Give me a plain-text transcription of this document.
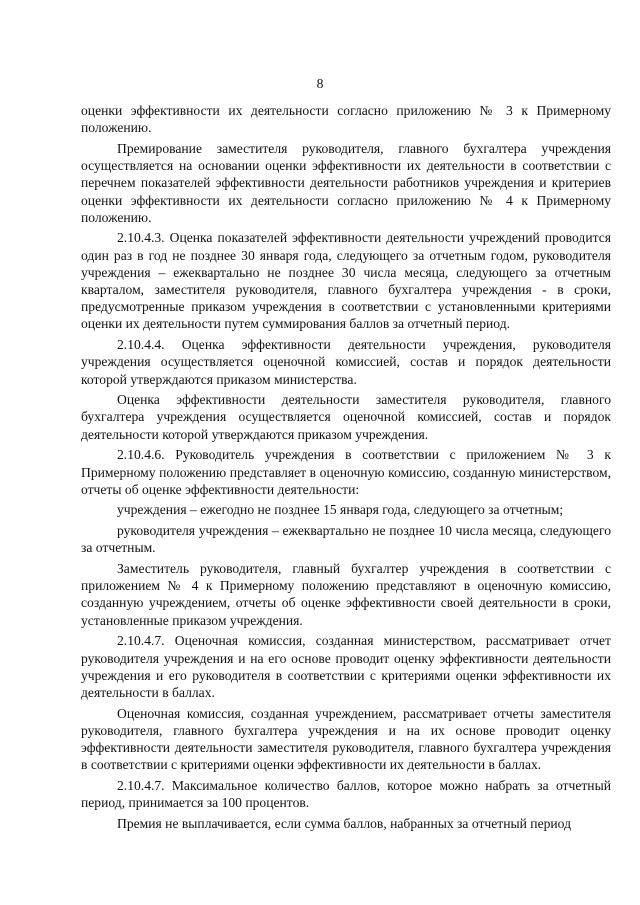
8

оценки эффективности их деятельности согласно приложению № 3 к Примерному положению.

Премирование заместителя руководителя, главного бухгалтера учреждения осуществляется на основании оценки эффективности их деятельности в соответствии с перечнем показателей эффективности деятельности работников учреждения и критериев оценки эффективности их деятельности согласно приложению № 4 к Примерному положению.

2.10.4.3. Оценка показателей эффективности деятельности учреждений проводится один раз в год не позднее 30 января года, следующего за отчетным годом, руководителя учреждения – ежеквартально не позднее 30 числа месяца, следующего за отчетным кварталом, заместителя руководителя, главного бухгалтера учреждения - в сроки, предусмотренные приказом учреждения в соответствии с установленными критериями оценки их деятельности путем суммирования баллов за отчетный период.

2.10.4.4. Оценка эффективности деятельности учреждения, руководителя учреждения осуществляется оценочной комиссией, состав и порядок деятельности которой утверждаются приказом министерства.

Оценка эффективности деятельности заместителя руководителя, главного бухгалтера учреждения осуществляется оценочной комиссией, состав и порядок деятельности которой утверждаются приказом учреждения.

2.10.4.6. Руководитель учреждения в соответствии с приложением № 3 к Примерному положению представляет в оценочную комиссию, созданную министерством, отчеты об оценке эффективности деятельности:

учреждения – ежегодно не позднее 15 января года, следующего за отчетным;

руководителя учреждения – ежеквартально не позднее 10 числа месяца, следующего за отчетным.

Заместитель руководителя, главный бухгалтер учреждения в соответствии с приложением № 4 к Примерному положению представляют в оценочную комиссию, созданную учреждением, отчеты об оценке эффективности своей деятельности в сроки, установленные приказом учреждения.

2.10.4.7. Оценочная комиссия, созданная министерством, рассматривает отчет руководителя учреждения и на его основе проводит оценку эффективности деятельности учреждения и его руководителя в соответствии с критериями оценки эффективности их деятельности в баллах.

Оценочная комиссия, созданная учреждением, рассматривает отчеты заместителя руководителя, главного бухгалтера учреждения и на их основе проводит оценку эффективности деятельности заместителя руководителя, главного бухгалтера учреждения в соответствии с критериями оценки эффективности их деятельности в баллах.

2.10.4.7. Максимальное количество баллов, которое можно набрать за отчетный период, принимается за 100 процентов.

Премия не выплачивается, если сумма баллов, набранных за отчетный период
